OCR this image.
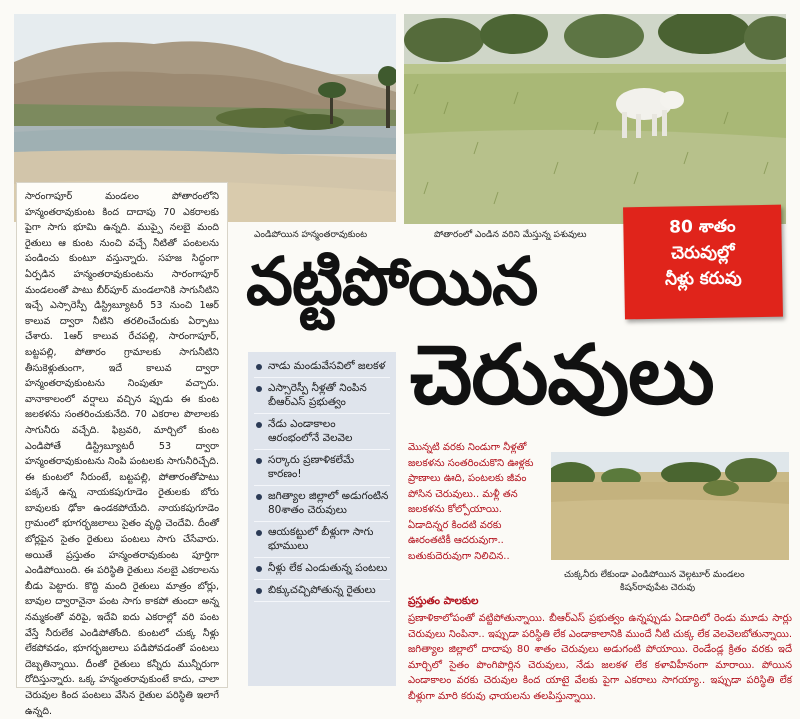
ఎండిపోయిన హన్మంతరావుకుంట	పోతారంలో ఎండిన వరిని మేస్తున్న పశువులు

సారంగాపూర్ మండలం పోతారంలోని హన్మంతరావుకుంట కింద దాదాపు 70 ఎకరాలకు పైగా సాగు భూమి ఉన్నది. ముప్పై నలబై మంది రైతులు ఆ కుంట నుంచి వచ్చే నీటితో పంటలను పండించు కుంటూ వస్తున్నారు. సహజ సిద్ధంగా ఏర్పడిన హన్మంతరావుకుంటను సారంగాపూర్ మండలంతో పాటు బీర్‌పూర్ మండలానికి సాగునీటిని ఇచ్చే ఎస్సారెస్పీ డిస్ట్రిబ్యూటరీ 53 నుంచి 1ఆర్ కాలువ ద్వారా నీటిని తరలించేందుకు ఏర్పాటు చేశారు. 1ఆర్ కాలువ రేచపల్లి, సారంగాపూర్, బట్టపల్లి, పోతారం గ్రామాలకు సాగునీటిని తీసుకెళ్లుతుంగా, ఇదే కాలువ ద్వారా హన్మంతరావుకుంటను నింపుతూ వచ్చారు. వానాకాలంలో వర్షాలు వచ్చిన ప్పుడు ఈ కుంట జలకళను సంతరించుకునేది. 70 ఎకరాల పొలాలకు సాగునీరు వచ్చేది. ఫిబ్రవరి, మార్చిలో కుంట ఎండిపోతే డిస్ట్రిబ్యూటరీ 53 ద్వారా హన్మంతరావుకుంటను నింపి పంటలకు సాగునీరిచ్చేది. ఈ కుంటలో నీరుంటే, బట్టపల్లి, పోతారంతోపాటు పక్కనే ఉన్న నాయకపుగూడెం రైతులకు బోరు బావులకు ఢోకా ఉండకపోయేది. నాయకపుగూడెం గ్రామంలో భూగర్భజలాలు సైతం వృద్ధి చెందేవి. దీంతో బోర్లపైన సైతం రైతులు పంటలు సాగు చేసేవారు. అయితే ప్రస్తుతం హన్మంతరావుకుంట పూర్తిగా ఎండిపోయింది. ఈ పరిస్థితి రైతులు నలబై ఎకరాలను బీడు పెట్టారు. కొద్ది మంది రైతులు మాత్రం బోర్లు, బావుల ద్వారానైనా పంట సాగు కాకపో తుందా అన్న నమ్మకంతో వరిపై, ఇదేవి ఐదు ఎకరాల్లో వరి పంట వేస్తే నీరులేక ఎండిపోతోంది. కుంటలో చుక్క నీళ్లు లేకపోవడం, భూగర్భజలాలు పడిపోవడంతో పంటలు దెబ్బతిన్నాయి. దీంతో రైతులు కన్నీరు మున్నీరుగా రోదిస్తున్నారు. ఒక్క హన్మంతరావుకుంటే కాదు, చాలా చెరువుల కింద పంటలు వేసిన రైతుల పరిస్థితి ఇలాగే ఉన్నది.

వట్టిపోయిన
చెరువులు
80 శాతం
చెరువుల్లో
నీళ్లు కరువు
నాడు మండువేసవిలో జలకళ
ఎస్సారెస్పీ నీళ్లతో నింపిన బీఆర్‌ఎస్ ప్రభుత్వం
నేడు ఎండాకాలం ఆరంభంలోనే వెలవెల
సర్కారు ప్రణాళికలేమే కారణం!
జగిత్యాల జిల్లాలో అడుగంటిన 80శాతం చెరువులు
ఆయకట్టులో బీళ్లుగా సాగు భూములు
నీళ్లు లేక ఎండుతున్న పంటలు
బిక్కుచచ్చిపోతున్న రైతులు

మొన్నటి వరకు నిండుగా నీళ్లతో జలకళను సంతరించుకొని ఊళ్లకు ప్రాణాలు ఊది, పంటలకు జీవం పోసిన చెరువులు.. మళ్లీ తన జలకళను కోల్పోయాయి. ఏడాదిన్నర కిందటి వరకు ఊరంతటికీ ఆదరువుగా.. బతుకుదెరువుగా నిలిచిన..

చుక్కనీరు లేకుండా ఎండిపోయిన వెల్గటూర్ మండలం
కిషన్‌రావుపేట చెరువు
ప్రస్తుతం పాలకుల

ప్రణాళికాలోపంతో వట్టిపోతున్నాయి. బీఆర్‌ఎస్ ప్రభుత్వం ఉన్నప్పుడు ఏడాదిలో రెండు మూడు సార్లు చెరువులు నింపినా.. ఇప్పుడా పరిస్థితి లేక ఎండాకాలానికి ముందే నీటి చుక్క లేక వెలవెలబోతున్నాయి. జగిత్యాల జిల్లాలో దాదాపు 80 శాతం చెరువులు అడుగంటి పోయాయి. రెండేండ్ల క్రితం వరకు ఇదే మార్చిలో సైతం పొంగిపొర్లిన చెరువులు, నేడు జలకళ లేక కళావిహీనంగా మారాయి. పోయిన ఎండాకాలం వరకు చెరువుల కింద యాటై వేలకు పైగా ఎకరాలు సాగయ్యా.. ఇప్పుడా పరిస్థితి లేక బీళ్లుగా మారి కరువు ఛాయలను తలపిస్తున్నాయి.
